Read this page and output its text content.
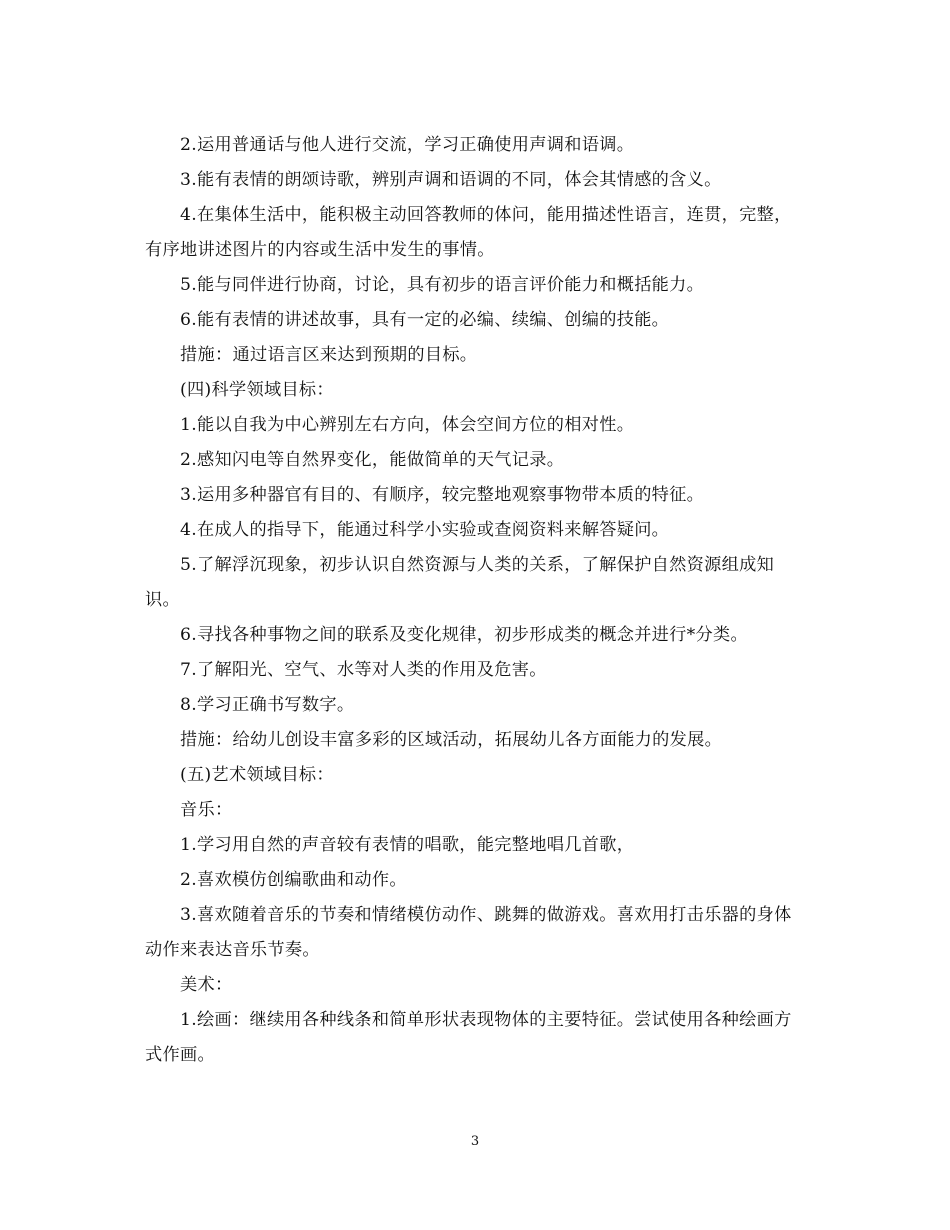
2.运用普通话与他人进行交流，学习正确使用声调和语调。

3.能有表情的朗颂诗歌，辨别声调和语调的不同，体会其情感的含义。

4.在集体生活中，能积极主动回答教师的体问，能用描述性语言，连贯，完整，有序地讲述图片的内容或生活中发生的事情。

5.能与同伴进行协商，讨论，具有初步的语言评价能力和概括能力。

6.能有表情的讲述故事，具有一定的必编、续编、创编的技能。

措施：通过语言区来达到预期的目标。

(四)科学领域目标：

1.能以自我为中心辨别左右方向，体会空间方位的相对性。

2.感知闪电等自然界变化，能做简单的天气记录。

3.运用多种器官有目的、有顺序，较完整地观察事物带本质的特征。

4.在成人的指导下，能通过科学小实验或查阅资料来解答疑问。

5.了解浮沉现象，初步认识自然资源与人类的关系，了解保护自然资源组成知识。

6.寻找各种事物之间的联系及变化规律，初步形成类的概念并进行*分类。

7.了解阳光、空气、水等对人类的作用及危害。

8.学习正确书写数字。

措施：给幼儿创设丰富多彩的区域活动，拓展幼儿各方面能力的发展。

(五)艺术领域目标：

音乐：

1.学习用自然的声音较有表情的唱歌，能完整地唱几首歌，

2.喜欢模仿创编歌曲和动作。

3.喜欢随着音乐的节奏和情绪模仿动作、跳舞的做游戏。喜欢用打击乐器的身体动作来表达音乐节奏。

美术：

1.绘画：继续用各种线条和简单形状表现物体的主要特征。尝试使用各种绘画方式作画。

3
